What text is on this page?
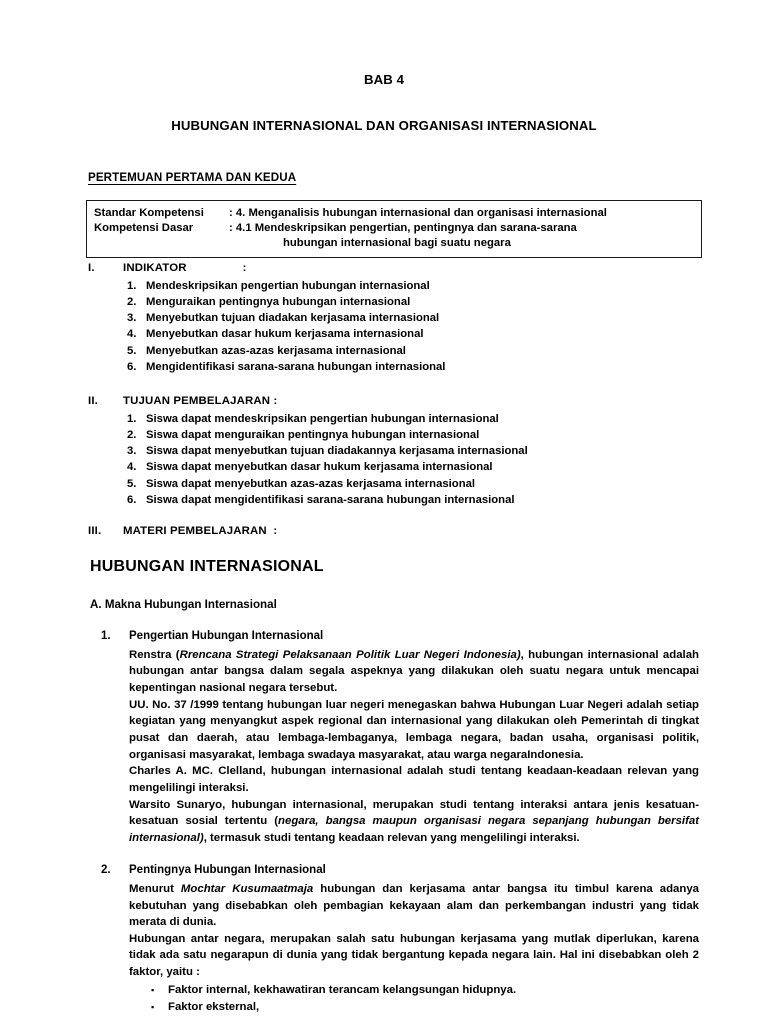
BAB 4
HUBUNGAN INTERNASIONAL DAN ORGANISASI INTERNASIONAL
PERTEMUAN PERTAMA DAN KEDUA
Standar Kompetensi	: 4. Menganalisis hubungan internasional dan organisasi internasional
Kompetensi Dasar	: 4.1 Mendeskripsikan pengertian, pentingnya dan sarana-sarana
hubungan internasional bagi suatu negara
I.	INDIKATOR	:
1. Mendeskripsikan pengertian hubungan internasional
2. Menguraikan pentingnya hubungan internasional
3. Menyebutkan tujuan diadakan kerjasama internasional
4. Menyebutkan dasar hukum kerjasama internasional
5. Menyebutkan azas-azas kerjasama internasional
6. Mengidentifikasi sarana-sarana hubungan internasional
II.	TUJUAN PEMBELAJARAN :
1. Siswa dapat mendeskripsikan pengertian hubungan internasional
2. Siswa dapat menguraikan pentingnya hubungan internasional
3. Siswa dapat menyebutkan tujuan diadakannya kerjasama internasional
4. Siswa dapat menyebutkan dasar hukum kerjasama internasional
5. Siswa dapat menyebutkan azas-azas kerjasama internasional
6. Siswa dapat mengidentifikasi sarana-sarana hubungan internasional
III.	MATERI PEMBELAJARAN  :
HUBUNGAN INTERNASIONAL
A. Makna Hubungan Internasional
1.	Pengertian Hubungan Internasional

Renstra (Rrencana Strategi Pelaksanaan Politik Luar Negeri Indonesia), hubungan internasional adalah hubungan antar bangsa dalam segala aspeknya yang dilakukan oleh suatu negara untuk mencapai kepentingan nasional negara tersebut.

UU. No. 37 /1999 tentang hubungan luar negeri menegaskan bahwa Hubungan Luar Negeri adalah setiap kegiatan yang menyangkut aspek regional dan internasional yang dilakukan oleh Pemerintah di tingkat pusat dan daerah, atau lembaga-lembaganya, lembaga negara, badan usaha, organisasi politik, organisasi masyarakat, lembaga swadaya masyarakat, atau warga negaraIndonesia.

Charles A. MC. Clelland, hubungan internasional adalah studi tentang keadaan-keadaan relevan yang mengelilingi interaksi.

Warsito Sunaryo, hubungan internasional, merupakan studi tentang interaksi antara jenis kesatuan-kesatuan sosial tertentu (negara, bangsa maupun organisasi negara sepanjang hubungan bersifat internasional), termasuk studi tentang keadaan relevan yang mengelilingi interaksi.

2.	Pentingnya Hubungan Internasional

Menurut Mochtar Kusumaatmaja hubungan dan kerjasama antar bangsa itu timbul karena adanya kebutuhan yang disebabkan oleh pembagian kekayaan alam dan perkembangan industri yang tidak merata di dunia.

Hubungan antar negara, merupakan salah satu hubungan kerjasama yang mutlak diperlukan, karena tidak ada satu negarapun di dunia yang tidak bergantung kepada negara lain. Hal ini disebabkan oleh 2 faktor, yaitu :

▪	Faktor internal, kekhawatiran terancam kelangsungan hidupnya.
▪	Faktor eksternal,
